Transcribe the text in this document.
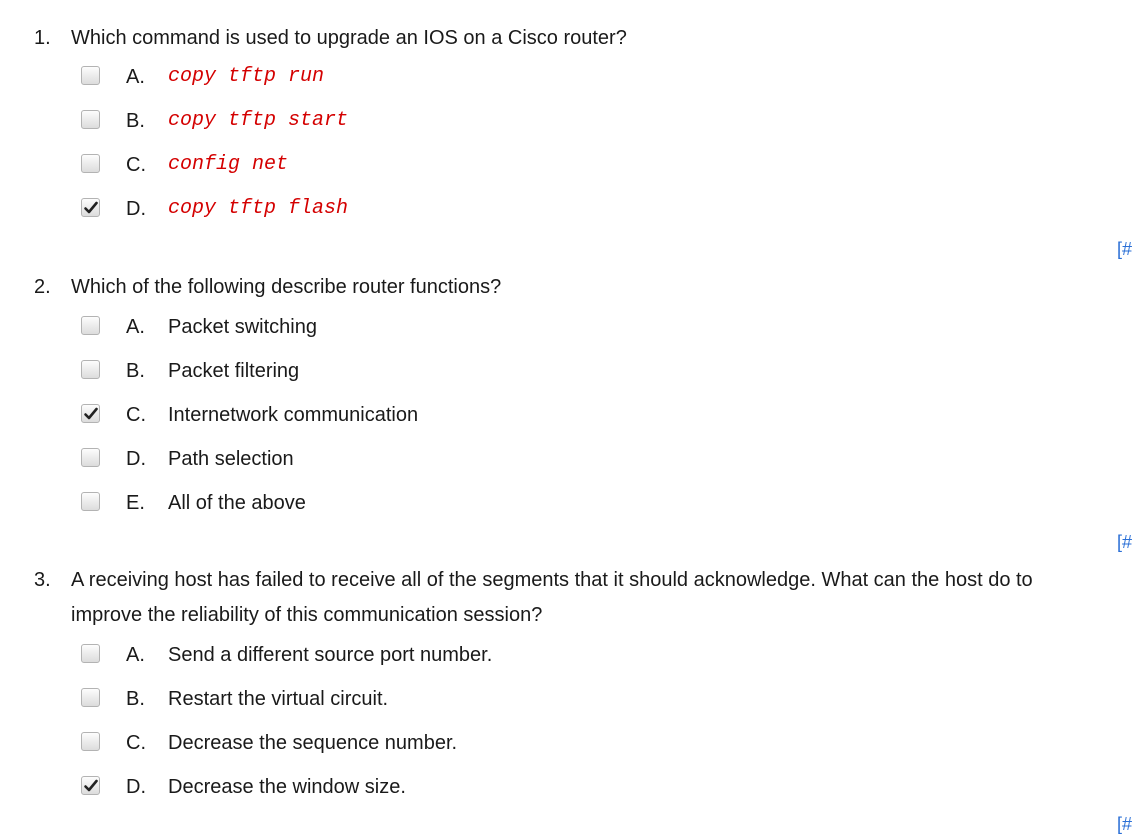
1. Which command is used to upgrade an IOS on a Cisco router?
A. copy tftp run
B. copy tftp start
C. config net
D. copy tftp flash
[#
2. Which of the following describe router functions?
A. Packet switching
B. Packet filtering
C. Internetwork communication
D. Path selection
E. All of the above
[#
3. A receiving host has failed to receive all of the segments that it should acknowledge. What can the host do to
improve the reliability of this communication session?
A. Send a different source port number.
B. Restart the virtual circuit.
C. Decrease the sequence number.
D. Decrease the window size.
[#
